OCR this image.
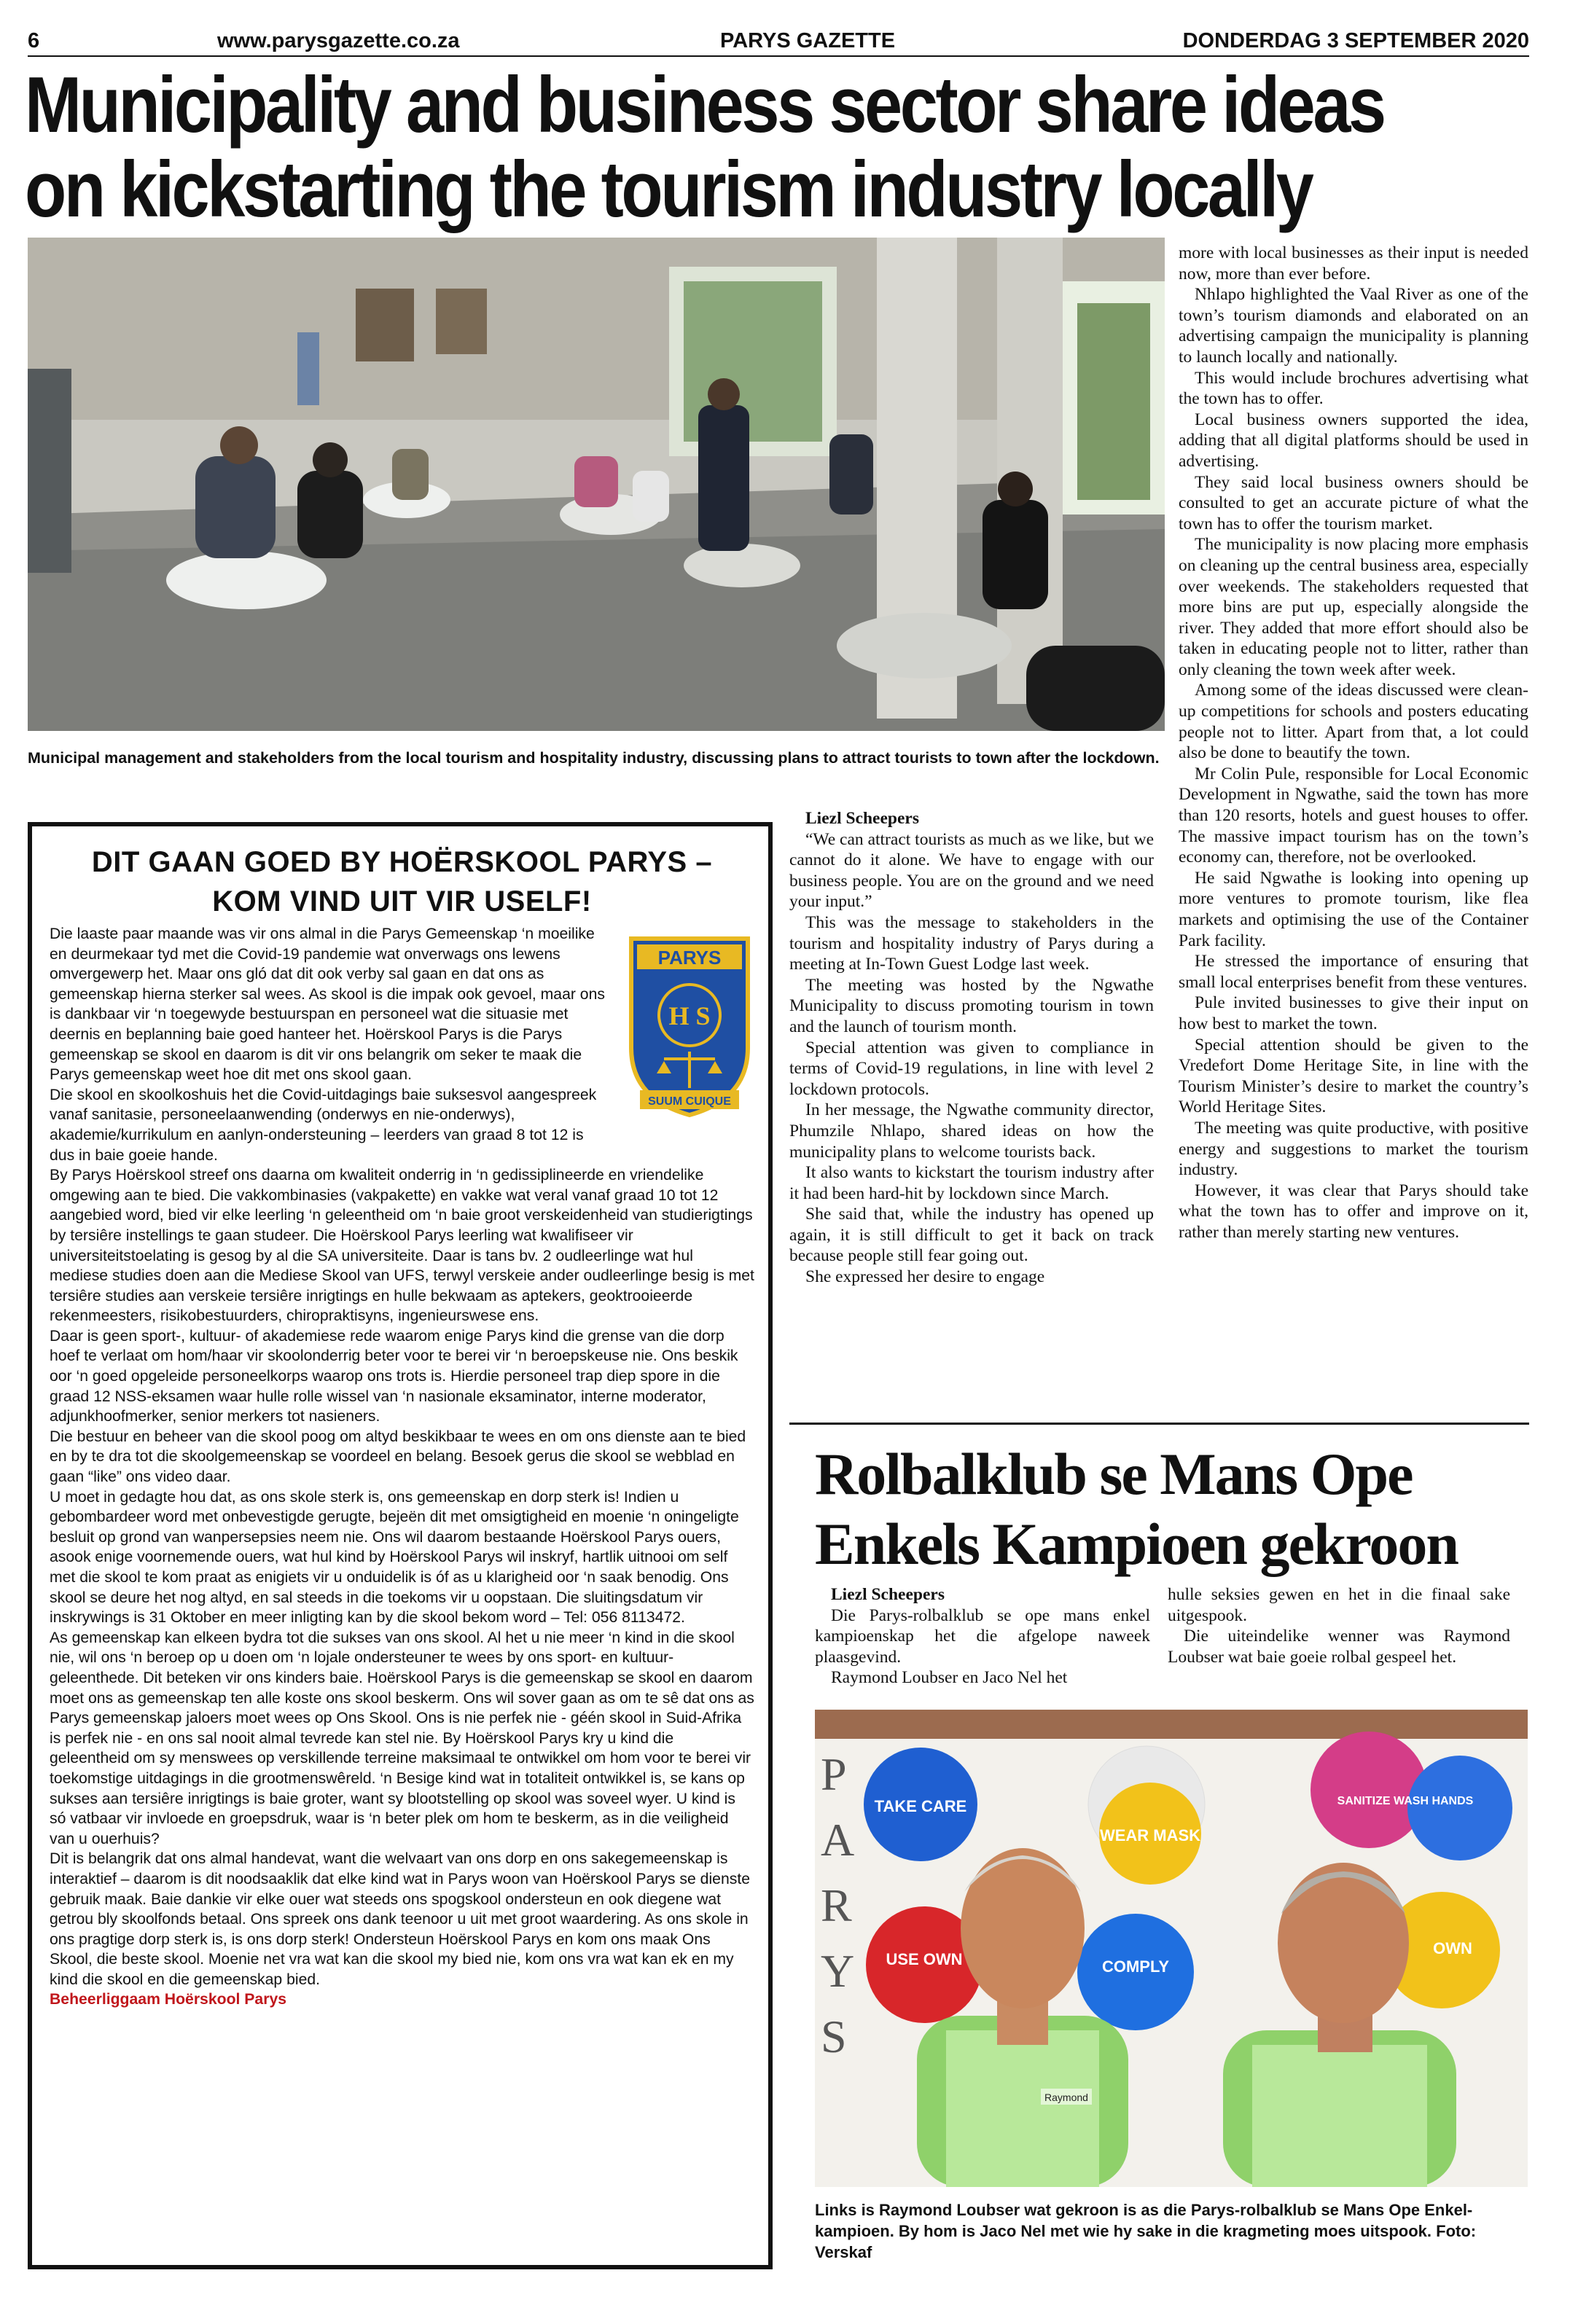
6	www.parysgazette.co.za	PARYS GAZETTE	DONDERDAG 3 SEPTEMBER 2020
Municipality and business sector share ideas
on kickstarting the tourism industry locally
Municipal management and stakeholders from the local tourism and hospitality industry, discussing plans to attract tourists to town after the lockdown.

more with local businesses as their input is needed now, more than ever before.

Nhlapo highlighted the Vaal River as one of the town’s tourism diamonds and elaborated on an advertising campaign the municipality is planning to launch locally and nationally.

This would include brochures advertising what the town has to offer.

Local business owners supported the idea, adding that all digital platforms should be used in advertising.

They said local business owners should be consulted to get an accurate picture of what the town has to offer the tourism market.

The municipality is now placing more emphasis on cleaning up the central business area, especially over weekends. The stakeholders requested that more bins are put up, especially alongside the river. They added that more effort should also be taken in educating people not to litter, rather than only cleaning the town week after week.

Among some of the ideas discussed were clean-up competitions for schools and posters educating people not to litter. Apart from that, a lot could also be done to beautify the town.

Mr Colin Pule, responsible for Local Economic Development in Ngwathe, said the town has more than 120 resorts, hotels and guest houses to offer. The massive impact tourism has on the town’s economy can, therefore, not be overlooked.

He said Ngwathe is looking into opening up more ventures to promote tourism, like flea markets and optimising the use of the Container Park facility.

He stressed the importance of ensuring that small local enterprises benefit from these ventures.

Pule invited businesses to give their input on how best to market the town.

Special attention should be given to the Vredefort Dome Heritage Site, in line with the Tourism Minister’s desire to market the country’s World Heritage Sites.

The meeting was quite productive, with positive energy and suggestions to market the tourism industry.

However, it was clear that Parys should take what the town has to offer and improve on it, rather than merely starting new ventures.

Liezl Scheepers

“We can attract tourists as much as we like, but we cannot do it alone. We have to engage with our business people. You are on the ground and we need your input.”

This was the message to stakeholders in the tourism and hospitality industry of Parys during a meeting at In-Town Guest Lodge last week.

The meeting was hosted by the Ngwathe Municipality to discuss promoting tourism in town and the launch of tourism month.

Special attention was given to compliance in terms of Covid-19 regulations, in line with level 2 lockdown protocols.

In her message, the Ngwathe community director, Phumzile Nhlapo, shared ideas on how the municipality plans to welcome tourists back.

It also wants to kickstart the tourism industry after it had been hard-hit by lockdown since March.

She said that, while the industry has opened up again, it is still difficult to get it back on track because people still fear going out.

She expressed her desire to engage

DIT GAAN GOED BY HOËRSKOOL PARYS –
KOM VIND UIT VIR USELF!
PARYS
H S
SUUM CUIQUE

Die laaste paar maande was vir ons almal in die Parys Gemeenskap ‘n moeilike en deurmekaar tyd met die Covid-19 pandemie wat onverwags ons lewens omvergewerp het. Maar ons gló dat dit ook verby sal gaan en dat ons as gemeenskap hierna sterker sal wees. As skool is die impak ook gevoel, maar ons is dankbaar vir ‘n toegewyde bestuurspan en personeel wat die situasie met deernis en beplanning baie goed hanteer het. Hoërskool Parys is die Parys gemeenskap se skool en daarom is dit vir ons belangrik om seker te maak die Parys gemeenskap weet hoe dit met ons skool gaan.

Die skool en skoolkoshuis het die Covid-uitdagings baie suksesvol aangespreek vanaf sanitasie, personeelaanwending (onderwys en nie-onderwys), akademie/kurrikulum en aanlyn-ondersteuning – leerders van graad 8 tot 12 is dus in baie goeie hande.

By Parys Hoërskool streef ons daarna om kwaliteit onderrig in ‘n gedissiplineerde en vriendelike omgewing aan te bied. Die vakkombinasies (vakpakette) en vakke wat veral vanaf graad 10 tot 12 aangebied word, bied vir elke leerling ‘n geleentheid om ‘n baie groot verskeidenheid van studierigtings by tersiêre instellings te gaan studeer. Die Hoërskool Parys leerling wat kwalifiseer vir universiteitstoelating is gesog by al die SA universiteite. Daar is tans bv. 2 oudleerlinge wat hul mediese studies doen aan die Mediese Skool van UFS, terwyl verskeie ander oudleerlinge besig is met tersiêre studies aan verskeie tersiêre inrigtings en hulle bekwaam as aptekers, geoktrooieerde rekenmeesters, risikobestuurders, chiropraktisyns, ingenieurswese ens.

Daar is geen sport-, kultuur- of akademiese rede waarom enige Parys kind die grense van die dorp hoef te verlaat om hom/haar vir skoolonderrig beter voor te berei vir ‘n beroepskeuse nie. Ons beskik oor ‘n goed opgeleide personeelkorps waarop ons trots is. Hierdie personeel trap diep spore in die graad 12 NSS-eksamen waar hulle rolle wissel van ‘n nasionale eksaminator, interne moderator, adjunkhoofmerker, senior merkers tot nasieners.

Die bestuur en beheer van die skool poog om altyd beskikbaar te wees en om ons dienste aan te bied en by te dra tot die skoolgemeenskap se voordeel en belang. Besoek gerus die skool se webblad en gaan “like” ons video daar.

U moet in gedagte hou dat, as ons skole sterk is, ons gemeenskap en dorp sterk is! Indien u gebombardeer word met onbevestigde gerugte, bejeën dit met omsigtigheid en moenie ‘n oningeligte besluit op grond van wanpersepsies neem nie. Ons wil daarom bestaande Hoërskool Parys ouers, asook enige voornemende ouers, wat hul kind by Hoërskool Parys wil inskryf, hartlik uitnooi om self met die skool te kom praat as enigiets vir u onduidelik is óf as u klarigheid oor ‘n saak benodig. Ons skool se deure het nog altyd, en sal steeds in die toekoms vir u oopstaan. Die sluitingsdatum vir inskrywings is 31 Oktober en meer inligting kan by die skool bekom word – Tel: 056 8113472.

As gemeenskap kan elkeen bydra tot die sukses van ons skool. Al het u nie meer ‘n kind in die skool nie, wil ons ‘n beroep op u doen om ‘n lojale ondersteuner te wees by ons sport- en kultuur-geleenthede. Dit beteken vir ons kinders baie. Hoërskool Parys is die gemeenskap se skool en daarom moet ons as gemeenskap ten alle koste ons skool beskerm. Ons wil sover gaan as om te sê dat ons as Parys gemeenskap jaloers moet wees op Ons Skool. Ons is nie perfek nie - géén skool in Suid-Afrika is perfek nie - en ons sal nooit almal tevrede kan stel nie. By Hoërskool Parys kry u kind die geleentheid om sy menswees op verskillende terreine maksimaal te ontwikkel om hom voor te berei vir toekomstige uitdagings in die grootmenswêreld. ‘n Besige kind wat in totaliteit ontwikkel is, se kans op sukses aan tersiêre inrigtings is baie groter, want sy blootstelling op skool was soveel wyer. U kind is só vatbaar vir invloede en groepsdruk, waar is ‘n beter plek om hom te beskerm, as in die veiligheid van u ouerhuis?

Dit is belangrik dat ons almal handevat, want die welvaart van ons dorp en ons sakegemeenskap is interaktief – daarom is dit noodsaaklik dat elke kind wat in Parys woon van Hoërskool Parys se dienste gebruik maak. Baie dankie vir elke ouer wat steeds ons spogskool ondersteun en ook diegene wat getrou bly skoolfonds betaal. Ons spreek ons dank teenoor u uit met groot waardering. As ons skole in ons pragtige dorp sterk is, is ons dorp sterk! Ondersteun Hoërskool Parys en kom ons maak Ons Skool, die beste skool. Moenie net vra wat kan die skool my bied nie, kom ons vra wat kan ek en my kind die skool en die gemeenskap bied.

Beheerliggaam Hoërskool Parys

Rolbalklub se Mans Ope
Enkels Kampioen gekroon

Liezl Scheepers

Die Parys-rolbalklub se ope mans enkel kampioenskap het die afgelope naweek plaasgevind.

Raymond Loubser en Jaco Nel het

hulle seksies gewen en het in die finaal sake uitgespook.

Die uiteindelike wenner was Raymond Loubser wat baie goeie rolbal gespeel het.

P
A
R
Y
S
TAKE CARE
WEAR MASK
SANITIZE WASH HANDS
USE OWN	COMPLY
OWN
Raymond
Links is Raymond Loubser wat gekroon is as die Parys-rolbalklub se Mans Ope Enkel-kampioen. By hom is Jaco Nel met wie hy sake in die kragmeting moes uitspook. Foto: Verskaf
